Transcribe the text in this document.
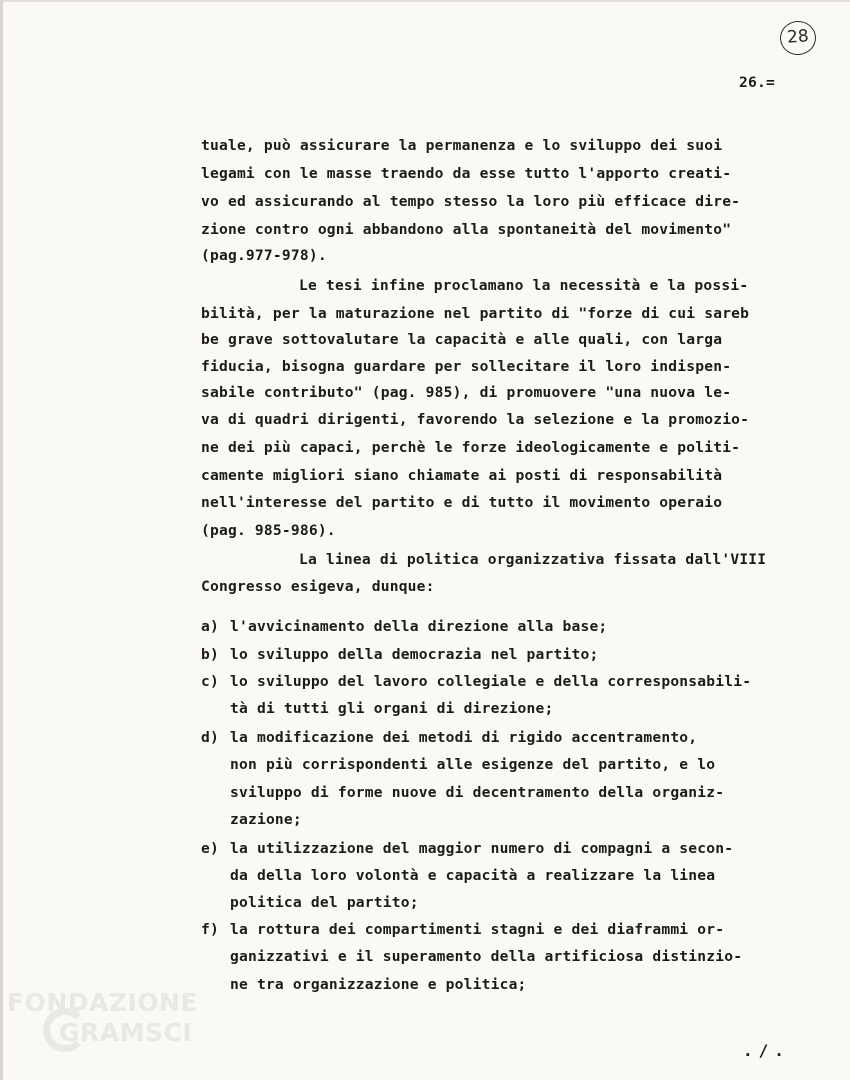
28
26.=
tuale, può assicurare la permanenza e lo sviluppo dei suoi
legami con le masse traendo da esse tutto l'apporto creati-
vo ed assicurando al tempo stesso la loro più efficace dire-
zione contro ogni abbandono alla spontaneità del movimento"
(pag.977-978).
Le tesi infine proclamano la necessità e la possi-
bilità, per la maturazione nel partito di "forze di cui sareb
be grave sottovalutare la capacità e alle quali, con larga
fiducia, bisogna guardare per sollecitare il loro indispen-
sabile contributo" (pag. 985), di promuovere "una nuova le-
va di quadri dirigenti, favorendo la selezione e la promozio-
ne dei più capaci, perchè le forze ideologicamente e politi-
camente migliori siano chiamate ai posti di responsabilità
nell'interesse del partito e di tutto il movimento operaio
(pag. 985-986).
La linea di politica organizzativa fissata dall'VIII
Congresso esigeva, dunque:
a) l'avvicinamento della direzione alla base;
b) lo sviluppo della democrazia nel partito;
c) lo sviluppo del lavoro collegiale e della corresponsabili-
tà di tutti gli organi di direzione;
d) la modificazione dei metodi di rigido accentramento,
non più corrispondenti alle esigenze del partito, e lo
sviluppo di forme nuove di decentramento della organiz-
zazione;
e) la utilizzazione del maggior numero di compagni a secon-
da della loro volontà e capacità a realizzare la linea
politica del partito;
f) la rottura dei compartimenti stagni e dei diaframmi or-
ganizzativi e il superamento della artificiosa distinzio-
ne tra organizzazione e politica;
./.
FONDAZIONE
GRAMSCI
